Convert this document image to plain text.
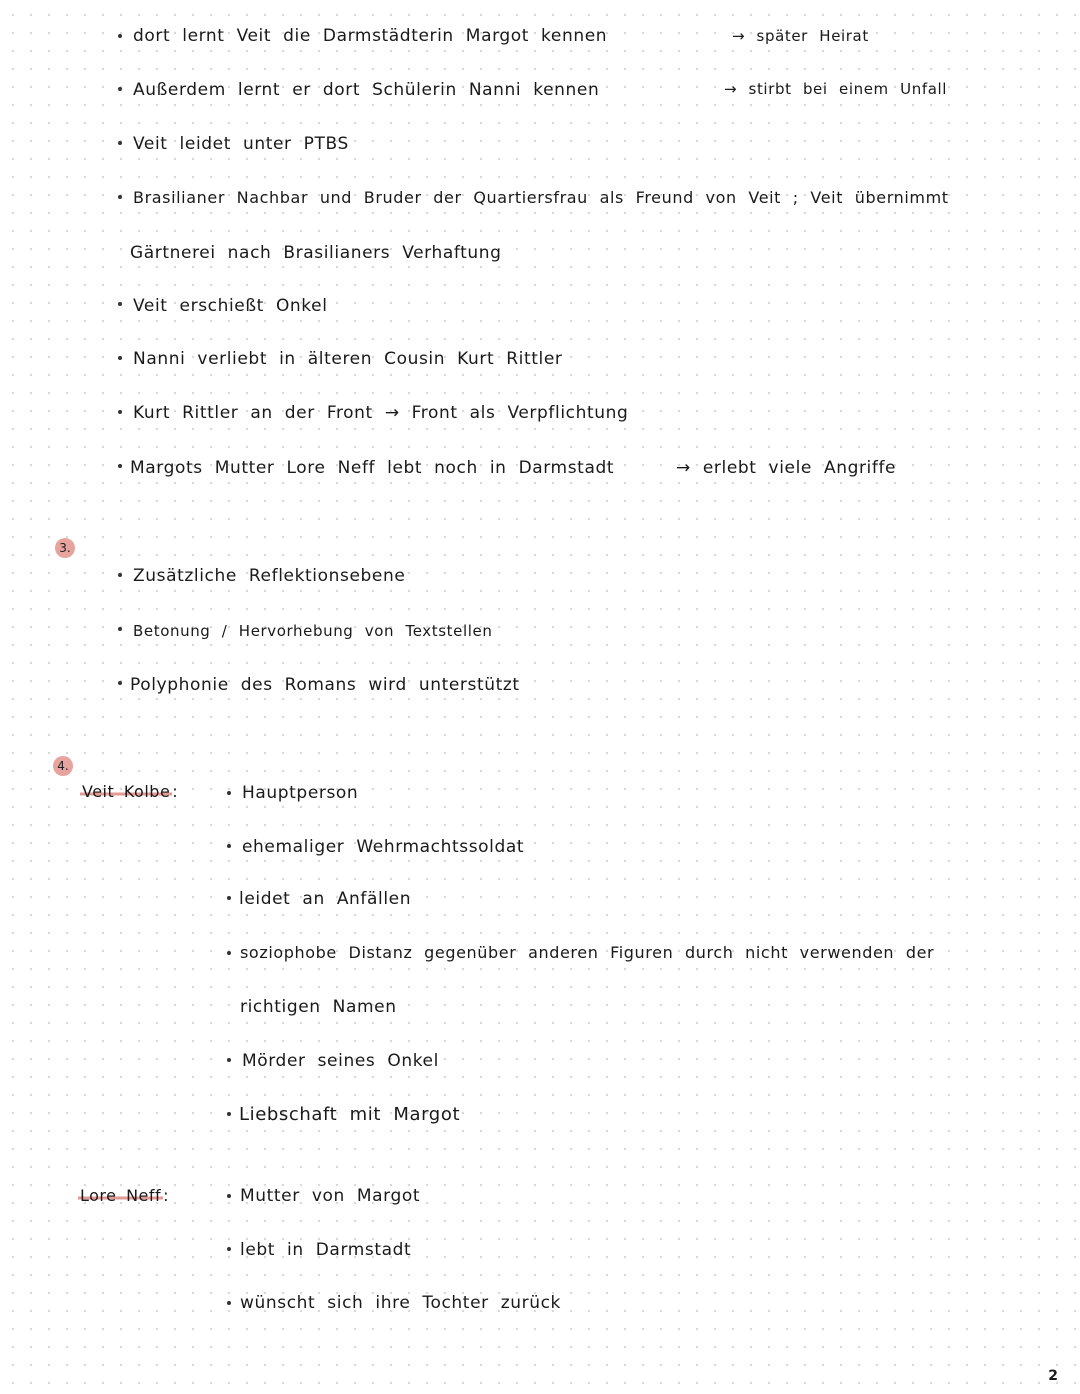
dort lernt Veit die Darmstädterin Margot kennen	→ später Heirat
Außerdem lernt er dort Schülerin Nanni kennen	→ stirbt bei einem Unfall
Veit leidet unter PTBS
Brasilianer Nachbar und Bruder der Quartiersfrau als Freund von Veit ; Veit übernimmt
Gärtnerei nach Brasilianers Verhaftung
Veit erschießt Onkel
Nanni verliebt in älteren Cousin Kurt Rittler
Kurt Rittler an der Front → Front als Verpflichtung
Margots Mutter Lore Neff lebt noch in Darmstadt	→ erlebt viele Angriffe
3.
Zusätzliche Reflektionsebene
Betonung / Hervorhebung von Textstellen
Polyphonie des Romans wird unterstützt
4.
Veit Kolbe :	Hauptperson
ehemaliger Wehrmachtssoldat
leidet an Anfällen
soziophobe Distanz gegenüber anderen Figuren durch nicht verwenden der
richtigen Namen
Mörder seines Onkel
Liebschaft mit Margot
Lore Neff :	Mutter von Margot
lebt in Darmstadt
wünscht sich ihre Tochter zurück
2
